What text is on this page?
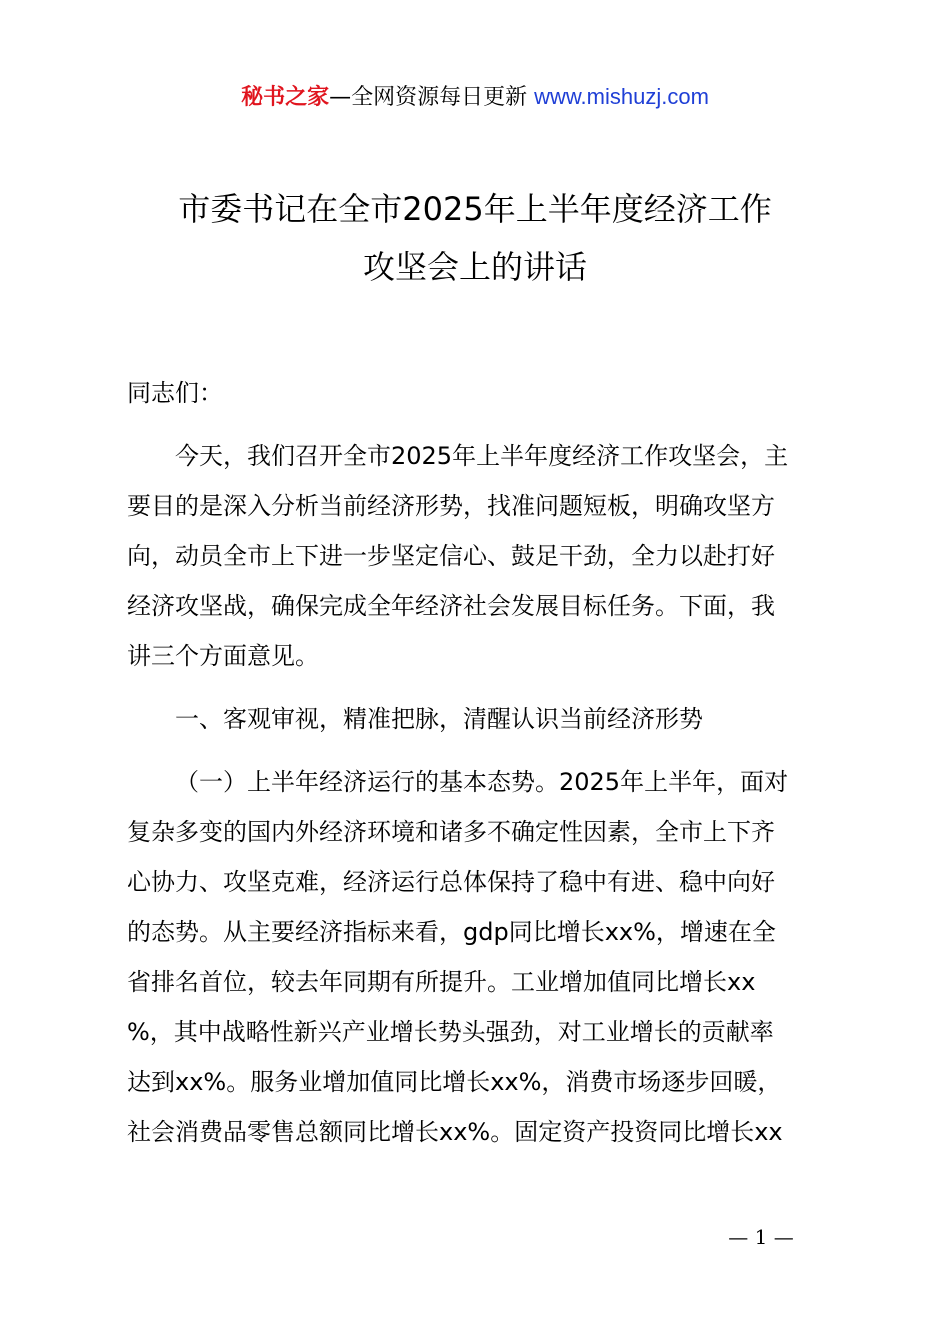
秘书之家—全网资源每日更新 www.mishuzj.com
市委书记在全市2025年上半年度经济工作
攻坚会上的讲话
同志们：
今天，我们召开全市2025年上半年度经济工作攻坚会，主
要目的是深入分析当前经济形势，找准问题短板，明确攻坚方
向，动员全市上下进一步坚定信心、鼓足干劲，全力以赴打好
经济攻坚战，确保完成全年经济社会发展目标任务。下面，我
讲三个方面意见。
一、客观审视，精准把脉，清醒认识当前经济形势
（一）上半年经济运行的基本态势。2025年上半年，面对
复杂多变的国内外经济环境和诸多不确定性因素，全市上下齐
心协力、攻坚克难，经济运行总体保持了稳中有进、稳中向好
的态势。从主要经济指标来看，gdp同比增长xx%，增速在全
省排名首位，较去年同期有所提升。工业增加值同比增长xx
%，其中战略性新兴产业增长势头强劲，对工业增长的贡献率
达到xx%。服务业增加值同比增长xx%，消费市场逐步回暖，
社会消费品零售总额同比增长xx%。固定资产投资同比增长xx
— 1 —
